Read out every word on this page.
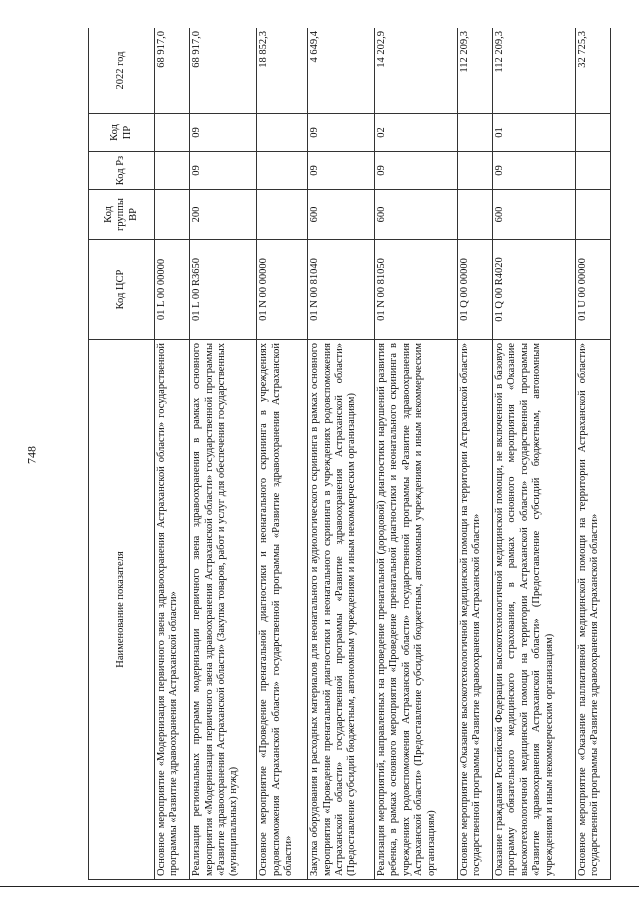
748
Наименование показателя	Код ЦСР	Код группы ВР	Код Рз	Код ПР	2022 год
Основное мероприятие «Модернизация первичного звена здравоохранения Астраханской области» государственной программы «Развитие здравоохранения Астраханской области»	01 L 00 00000				68 917,0
Реализация региональных программ модернизации первичного звена здравоохранения в рамках основного мероприятия «Модернизация первичного звена здравоохранения Астраханской области» государственной программы «Развитие здравоохранения Астраханской области» (Закупка товаров, работ и услуг для обеспечения государственных (муниципальных) нужд)	01 L 00 R3650	200	09	09	68 917,0
Основное мероприятие «Проведение пренатальной диагностики и неонатального скрининга в учреждениях родовспоможения Астраханской области» государственной программы «Развитие здравоохранения Астраханской области»	01 N 00 00000				18 852,3
Закупка оборудования и расходных материалов для неонатального и аудиологического скрининга в рамках основного мероприятия «Проведение пренатальной диагностики и неонатального скрининга в учреждениях родовспоможения Астраханской области» государственной программы «Развитие здравоохранения Астраханской области» (Предоставление субсидий бюджетным, автономным учреждениям и иным некоммерческим организациям)	01 N 00 81040	600	09	09	4 649,4
Реализация мероприятий, направленных на проведение пренатальной (дородовой) диагностики нарушений развития ребенка, в рамках основного мероприятия «Проведение пренатальной диагностики и неонатального скрининга в учреждениях родовспоможения Астраханской области» государственной программы «Развитие здравоохранения Астраханской области» (Предоставление субсидий бюджетным, автономным учреждениям и иным некоммерческим организациям)	01 N 00 81050	600	09	02	14 202,9
Основное мероприятие «Оказание высокотехнологичной медицинской помощи на территории Астраханской области» государственной программы «Развитие здравоохранения Астраханской области»	01 Q 00 00000				112 209,3
Оказание гражданам Российской Федерации высокотехнологичной медицинской помощи, не включенной в базовую программу обязательного медицинского страхования, в рамках основного мероприятия «Оказание высокотехнологичной медицинской помощи на территории Астраханской области» государственной программы «Развитие здравоохранения Астраханской области» (Предоставление субсидий бюджетным, автономным учреждениям и иным некоммерческим организациям)	01 Q 00 R4020	600	09	01	112 209,3
Основное мероприятие «Оказание паллиативной медицинской помощи на территории Астраханской области» государственной программы «Развитие здравоохранения Астраханской области»	01 U 00 00000				32 725,3
